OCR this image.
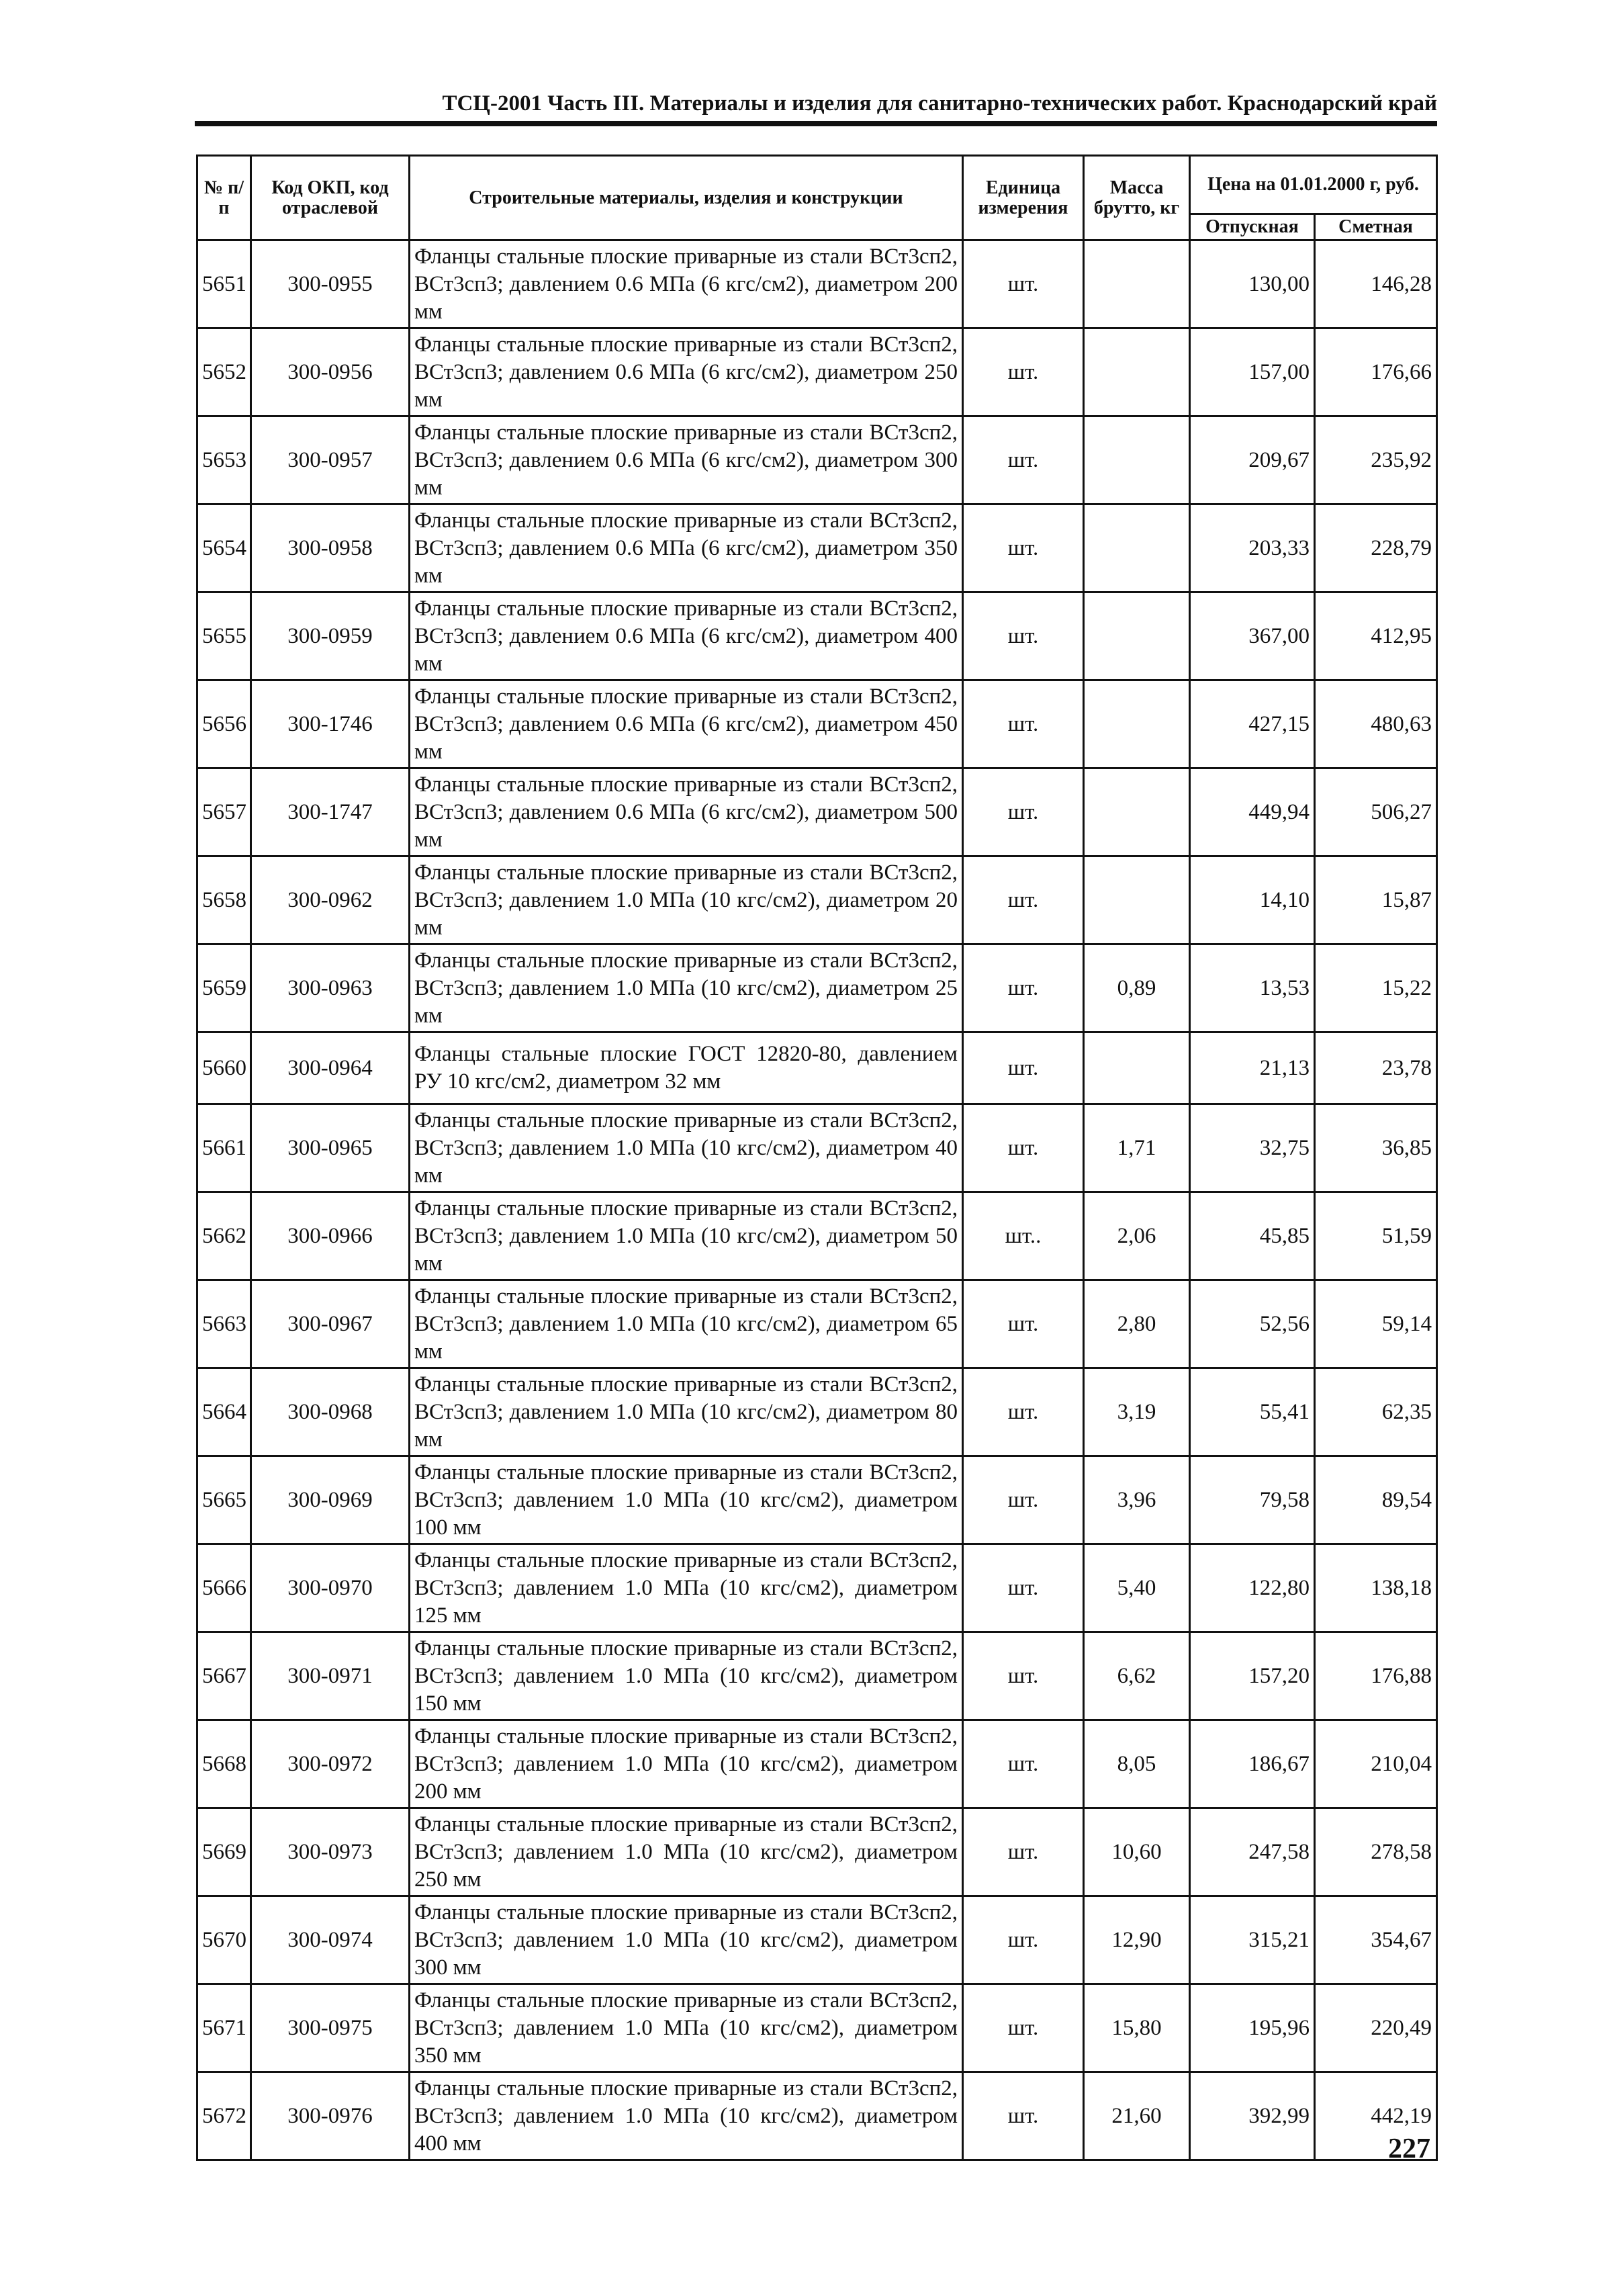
ТСЦ-2001 Часть III. Материалы и изделия для санитарно-технических работ. Краснодарский край
№ п/п	Код ОКП, код отраслевой	Строительные материалы, изделия и конструкции	Единица измерения	Масса брутто, кг	Цена на 01.01.2000 г, руб.	
					Отпускная	Сметная
5651	300-0955	Фланцы стальные плоские приварные из стали ВСт3сп2, ВСт3сп3; давлением 0.6 МПа (6 кгс/см2), диаметром 200 мм	шт.		130,00	146,28
5652	300-0956	Фланцы стальные плоские приварные из стали ВСт3сп2, ВСт3сп3; давлением 0.6 МПа (6 кгс/см2), диаметром 250 мм	шт.		157,00	176,66
5653	300-0957	Фланцы стальные плоские приварные из стали ВСт3сп2, ВСт3сп3; давлением 0.6 МПа (6 кгс/см2), диаметром 300 мм	шт.		209,67	235,92
5654	300-0958	Фланцы стальные плоские приварные из стали ВСт3сп2, ВСт3сп3; давлением 0.6 МПа (6 кгс/см2), диаметром 350 мм	шт.		203,33	228,79
5655	300-0959	Фланцы стальные плоские приварные из стали ВСт3сп2, ВСт3сп3; давлением 0.6 МПа (6 кгс/см2), диаметром 400 мм	шт.		367,00	412,95
5656	300-1746	Фланцы стальные плоские приварные из стали ВСт3сп2, ВСт3сп3; давлением 0.6 МПа (6 кгс/см2), диаметром 450 мм	шт.		427,15	480,63
5657	300-1747	Фланцы стальные плоские приварные из стали ВСт3сп2, ВСт3сп3; давлением 0.6 МПа (6 кгс/см2), диаметром 500 мм	шт.		449,94	506,27
5658	300-0962	Фланцы стальные плоские приварные из стали ВСт3сп2, ВСт3сп3; давлением 1.0 МПа (10 кгс/см2), диаметром 20 мм	шт.		14,10	15,87
5659	300-0963	Фланцы стальные плоские приварные из стали ВСт3сп2, ВСт3сп3; давлением 1.0 МПа (10 кгс/см2), диаметром 25 мм	шт.	0,89	13,53	15,22
5660	300-0964	Фланцы стальные плоские ГОСТ 12820-80, давлением РУ 10 кгс/см2, диаметром 32 мм	шт.		21,13	23,78
5661	300-0965	Фланцы стальные плоские приварные из стали ВСт3сп2, ВСт3сп3; давлением 1.0 МПа (10 кгс/см2), диаметром 40 мм	шт.	1,71	32,75	36,85
5662	300-0966	Фланцы стальные плоские приварные из стали ВСт3сп2, ВСт3сп3; давлением 1.0 МПа (10 кгс/см2), диаметром 50 мм	шт..	2,06	45,85	51,59
5663	300-0967	Фланцы стальные плоские приварные из стали ВСт3сп2, ВСт3сп3; давлением 1.0 МПа (10 кгс/см2), диаметром 65 мм	шт.	2,80	52,56	59,14
5664	300-0968	Фланцы стальные плоские приварные из стали ВСт3сп2, ВСт3сп3; давлением 1.0 МПа (10 кгс/см2), диаметром 80 мм	шт.	3,19	55,41	62,35
5665	300-0969	Фланцы стальные плоские приварные из стали ВСт3сп2, ВСт3сп3; давлением 1.0 МПа (10 кгс/см2), диаметром 100 мм	шт.	3,96	79,58	89,54
5666	300-0970	Фланцы стальные плоские приварные из стали ВСт3сп2, ВСт3сп3; давлением 1.0 МПа (10 кгс/см2), диаметром 125 мм	шт.	5,40	122,80	138,18
5667	300-0971	Фланцы стальные плоские приварные из стали ВСт3сп2, ВСт3сп3; давлением 1.0 МПа (10 кгс/см2), диаметром 150 мм	шт.	6,62	157,20	176,88
5668	300-0972	Фланцы стальные плоские приварные из стали ВСт3сп2, ВСт3сп3; давлением 1.0 МПа (10 кгс/см2), диаметром 200 мм	шт.	8,05	186,67	210,04
5669	300-0973	Фланцы стальные плоские приварные из стали ВСт3сп2, ВСт3сп3; давлением 1.0 МПа (10 кгс/см2), диаметром 250 мм	шт.	10,60	247,58	278,58
5670	300-0974	Фланцы стальные плоские приварные из стали ВСт3сп2, ВСт3сп3; давлением 1.0 МПа (10 кгс/см2), диаметром 300 мм	шт.	12,90	315,21	354,67
5671	300-0975	Фланцы стальные плоские приварные из стали ВСт3сп2, ВСт3сп3; давлением 1.0 МПа (10 кгс/см2), диаметром 350 мм	шт.	15,80	195,96	220,49
5672	300-0976	Фланцы стальные плоские приварные из стали ВСт3сп2, ВСт3сп3; давлением 1.0 МПа (10 кгс/см2), диаметром 400 мм	шт.	21,60	392,99	442,19
227
